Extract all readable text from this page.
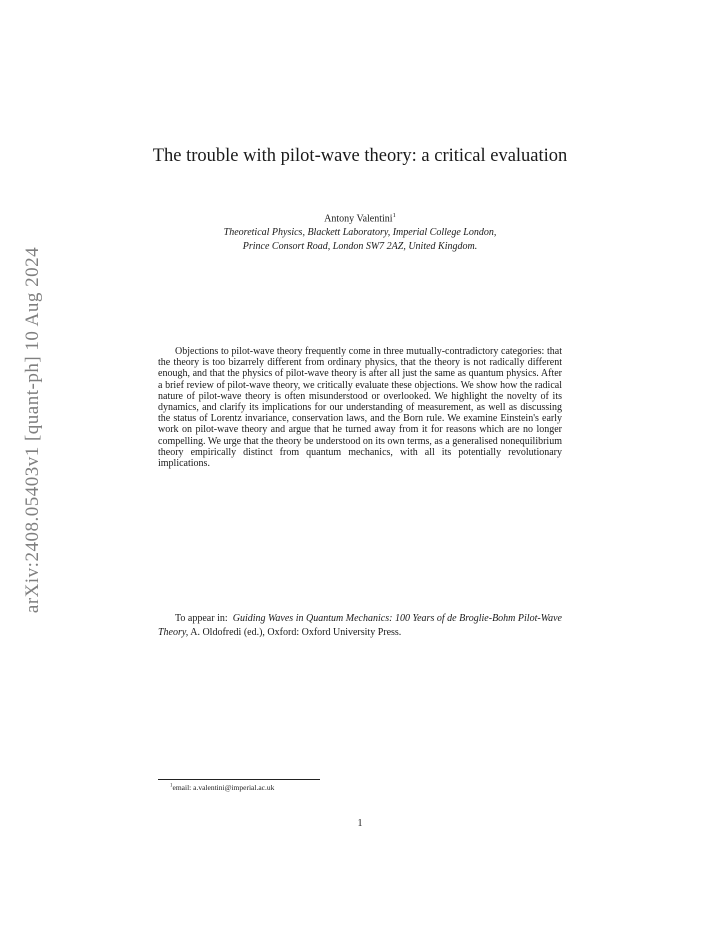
arXiv:2408.05403v1 [quant-ph] 10 Aug 2024
The trouble with pilot-wave theory: a critical evaluation
Antony Valentini$^1$
Theoretical Physics, Blackett Laboratory, Imperial College London,
Prince Consort Road, London SW7 2AZ, United Kingdom.

Objections to pilot-wave theory frequently come in three mutually-contradictory categories: that the theory is too bizarrely different from ordinary physics, that the theory is not radically different enough, and that the physics of pilot-wave theory is after all just the same as quantum physics. After a brief review of pilot-wave theory, we critically evaluate these objections. We show how the radical nature of pilot-wave theory is often misunderstood or overlooked. We highlight the novelty of its dynamics, and clarify its implications for our understanding of measurement, as well as discussing the status of Lorentz invariance, conservation laws, and the Born rule. We examine Einstein's early work on pilot-wave theory and argue that he turned away from it for reasons which are no longer compelling. We urge that the theory be understood on its own terms, as a generalised nonequilibrium theory empirically distinct from quantum mechanics, with all its potentially revolutionary implications.

To appear in: Guiding Waves in Quantum Mechanics: 100 Years of de Broglie-Bohm Pilot-Wave Theory, A. Oldofredi (ed.), Oxford: Oxford University Press.

$^1$email: a.valentini@imperial.ac.uk
1
